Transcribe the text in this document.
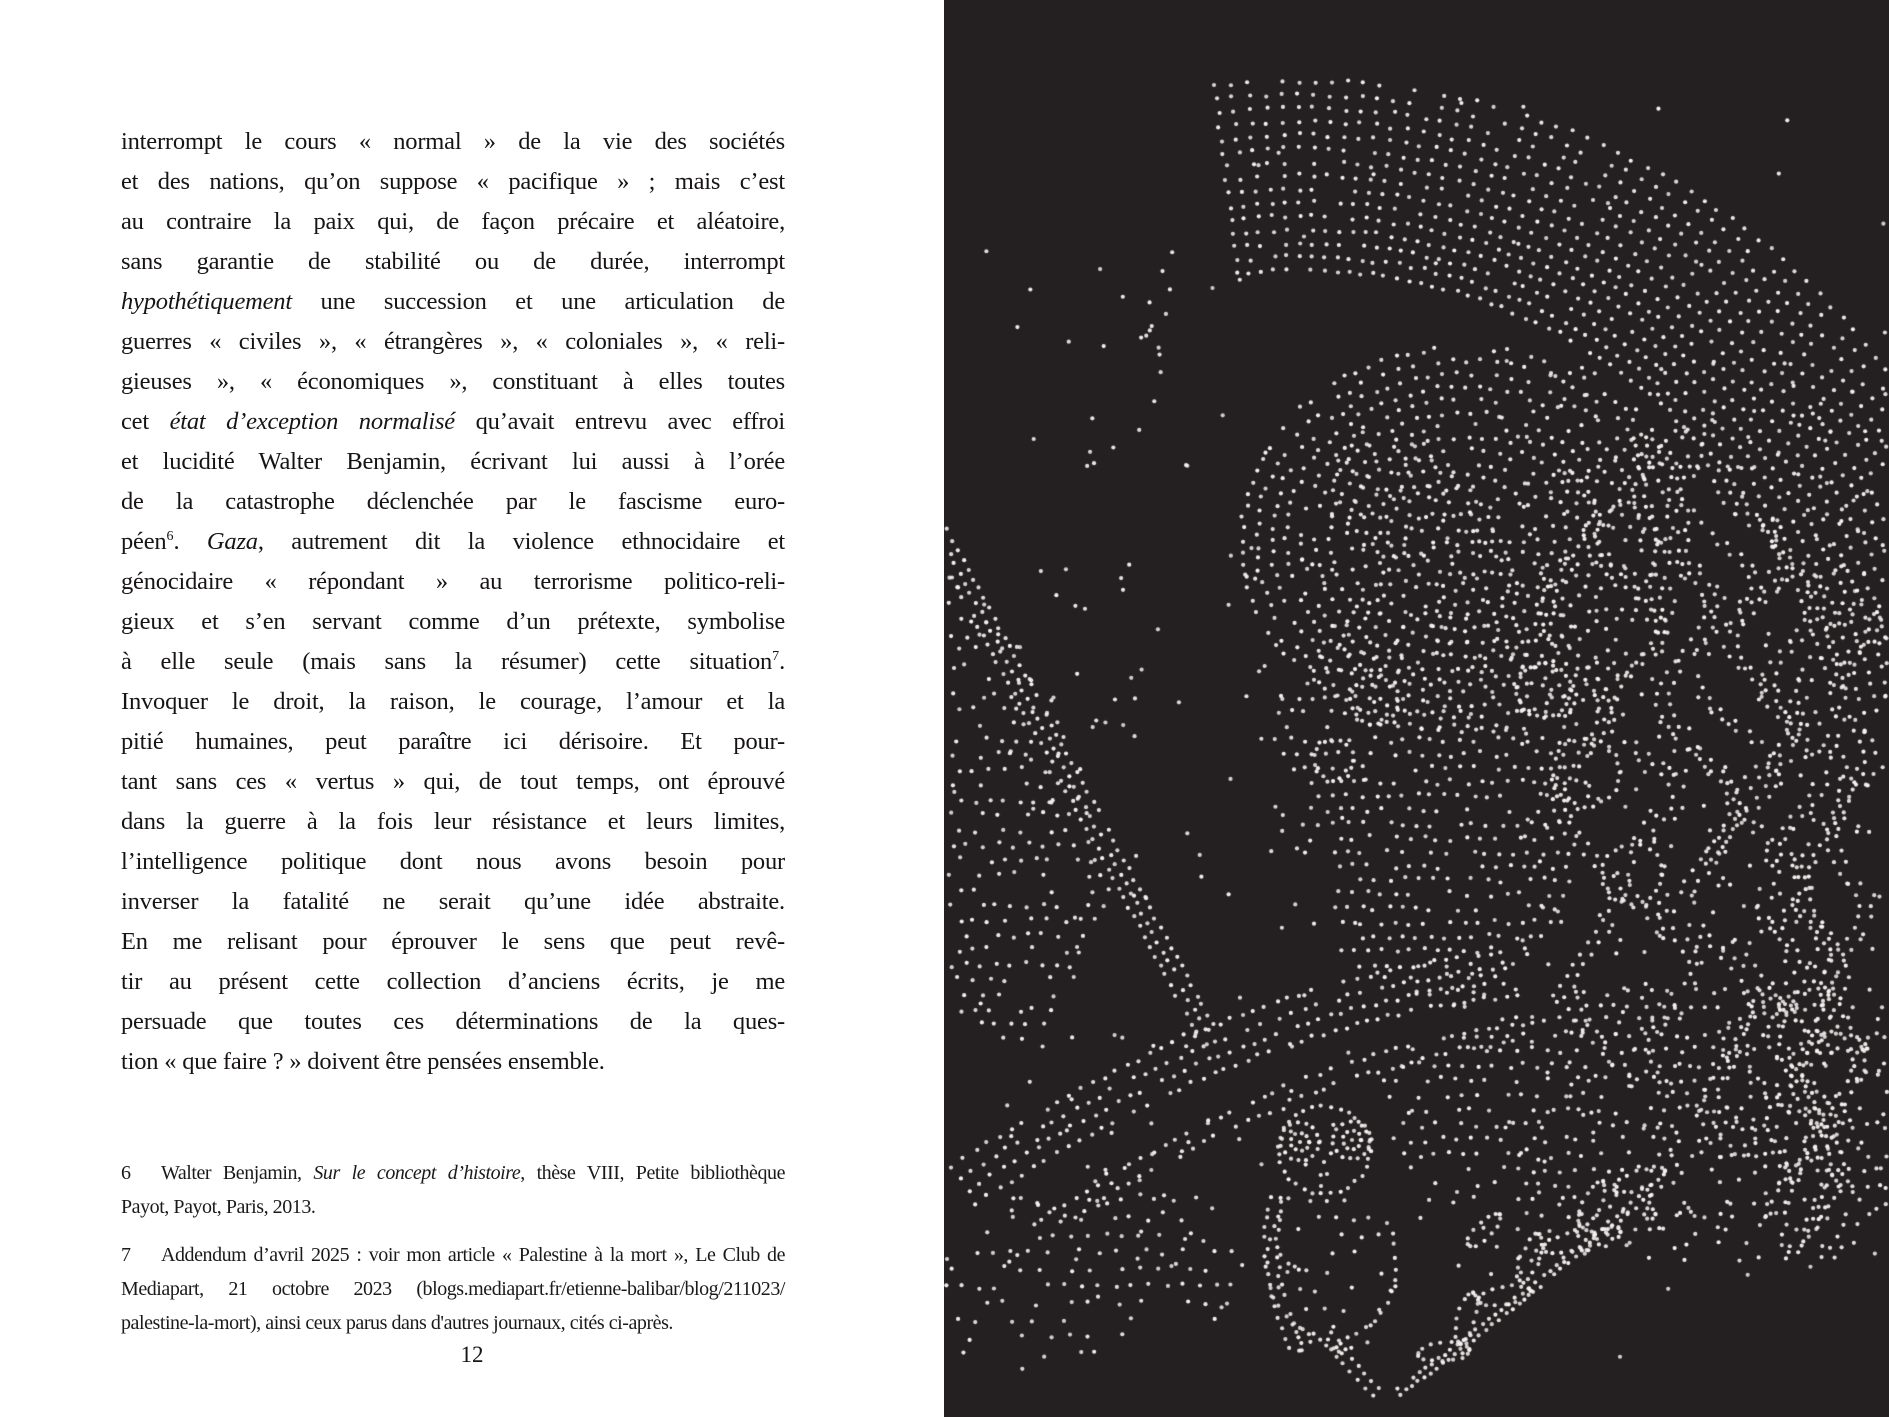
interrompt le cours « normal » de la vie des sociétés
et des nations, qu’on suppose « pacifique » ; mais c’est
au contraire la paix qui, de façon précaire et aléatoire,
sans garantie de stabilité ou de durée, interrompt
hypothétiquement une succession et une articulation de
guerres « civiles », « étrangères », « coloniales », « reli-
gieuses », « économiques », constituant à elles toutes
cet état d’exception normalisé qu’avait entrevu avec effroi
et lucidité Walter Benjamin, écrivant lui aussi à l’orée
de la catastrophe déclenchée par le fascisme euro-
péen$^6$. Gaza, autrement dit la violence ethnocidaire et
génocidaire « répondant » au terrorisme politico-reli-
gieux et s’en servant comme d’un prétexte, symbolise
à elle seule (mais sans la résumer) cette situation$^7$.
Invoquer le droit, la raison, le courage, l’amour et la
pitié humaines, peut paraître ici dérisoire. Et pour-
tant sans ces « vertus » qui, de tout temps, ont éprouvé
dans la guerre à la fois leur résistance et leurs limites,
l’intelligence politique dont nous avons besoin pour
inverser la fatalité ne serait qu’une idée abstraite.
En me relisant pour éprouver le sens que peut revê-
tir au présent cette collection d’anciens écrits, je me
persuade que toutes ces déterminations de la ques-
tion « que faire ? » doivent être pensées ensemble.
6 Walter Benjamin, Sur le concept d’histoire, thèse VIII, Petite bibliothèque
Payot, Payot, Paris, 2013.
7 Addendum d’avril 2025 : voir mon article « Palestine à la mort », Le Club de
Mediapart, 21 octobre 2023 (blogs.mediapart.fr/etienne-balibar/blog/211023/
palestine-la-mort), ainsi ceux parus dans d'autres journaux, cités ci-après.
12
